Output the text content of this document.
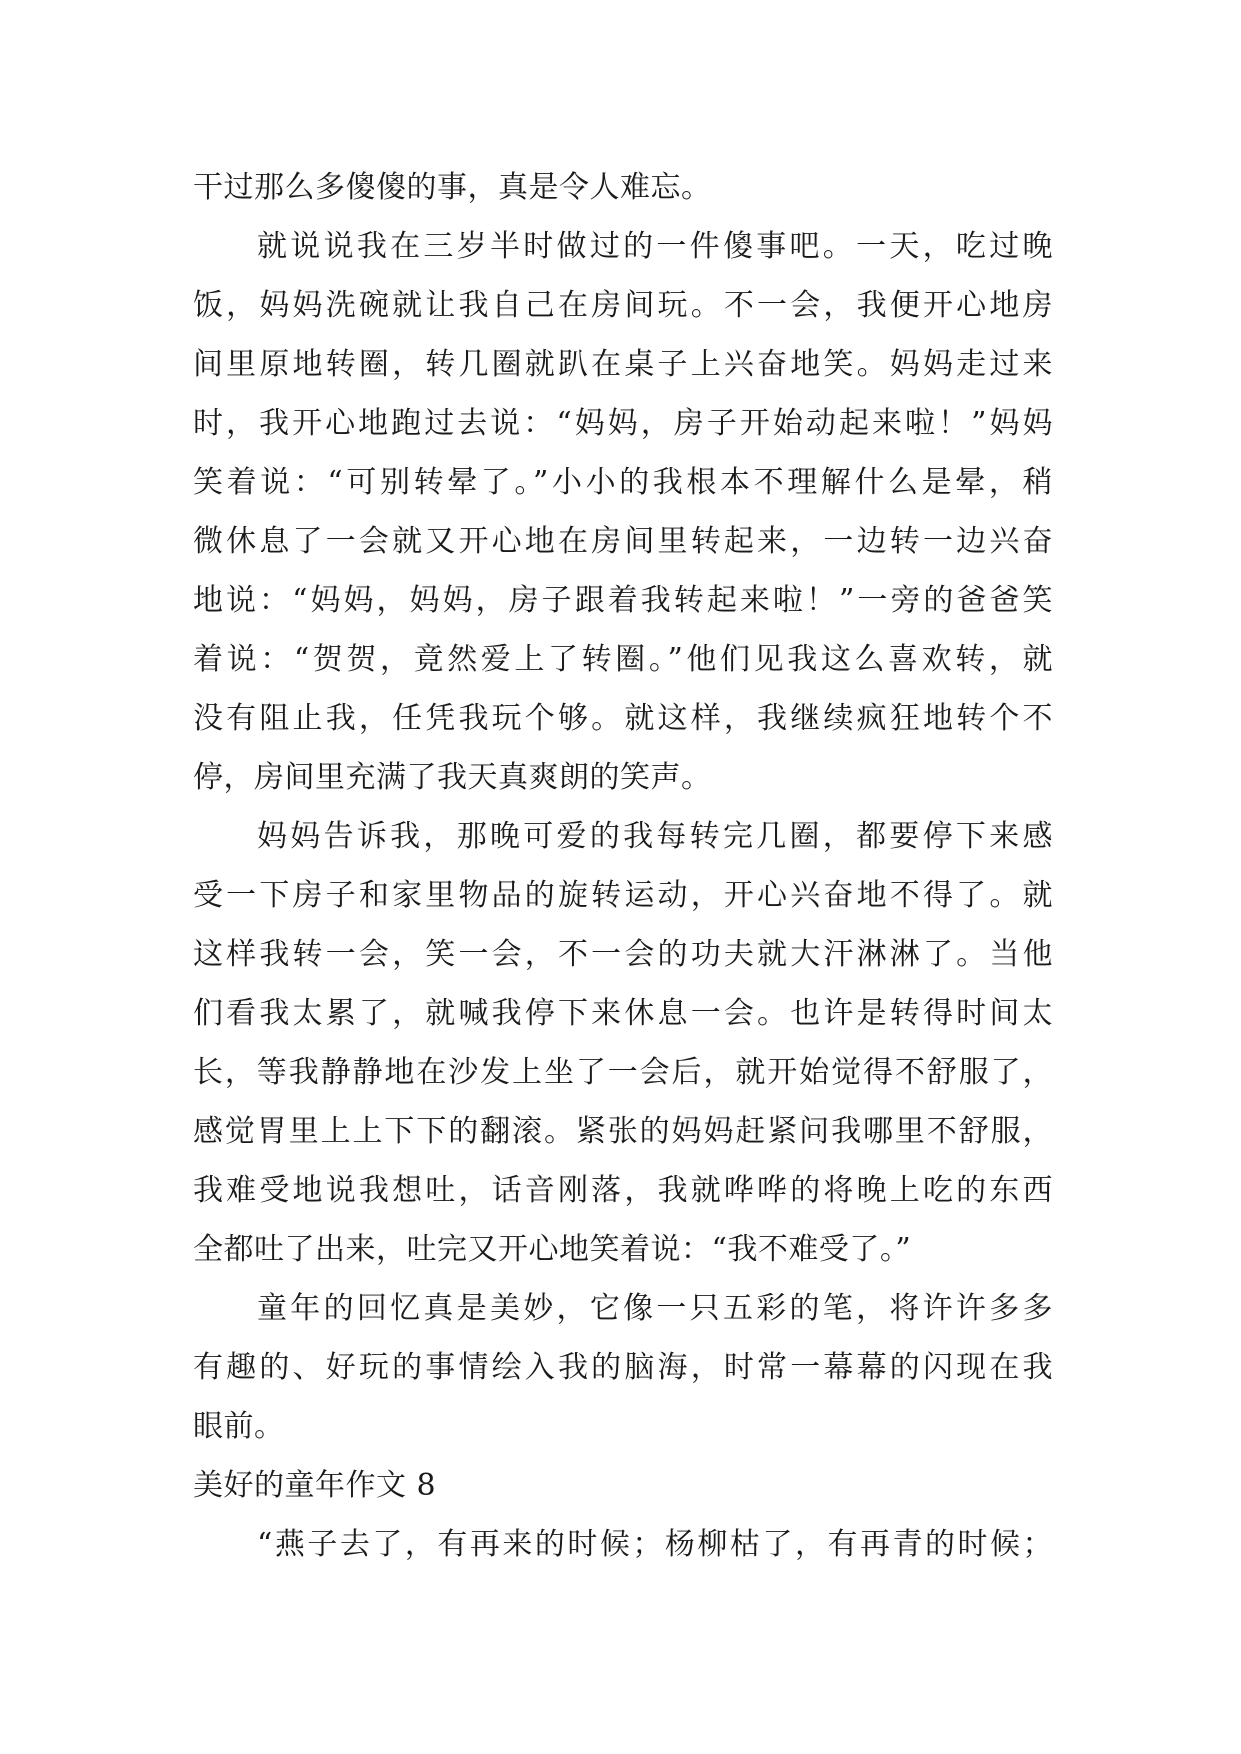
干过那么多傻傻的事，真是令人难忘。
就说说我在三岁半时做过的一件傻事吧。一天，吃过晚
饭，妈妈洗碗就让我自己在房间玩。不一会，我便开心地房
间里原地转圈，转几圈就趴在桌子上兴奋地笑。妈妈走过来
时，我开心地跑过去说：“妈妈，房子开始动起来啦！”妈妈
笑着说：“可别转晕了。”小小的我根本不理解什么是晕，稍
微休息了一会就又开心地在房间里转起来，一边转一边兴奋
地说：“妈妈，妈妈，房子跟着我转起来啦！”一旁的爸爸笑
着说：“贺贺，竟然爱上了转圈。”他们见我这么喜欢转，就
没有阻止我，任凭我玩个够。就这样，我继续疯狂地转个不
停，房间里充满了我天真爽朗的笑声。
妈妈告诉我，那晚可爱的我每转完几圈，都要停下来感
受一下房子和家里物品的旋转运动，开心兴奋地不得了。就
这样我转一会，笑一会，不一会的功夫就大汗淋淋了。当他
们看我太累了，就喊我停下来休息一会。也许是转得时间太
长，等我静静地在沙发上坐了一会后，就开始觉得不舒服了，
感觉胃里上上下下的翻滚。紧张的妈妈赶紧问我哪里不舒服，
我难受地说我想吐，话音刚落，我就哗哗的将晚上吃的东西
全都吐了出来，吐完又开心地笑着说：“我不难受了。”
童年的回忆真是美妙，它像一只五彩的笔，将许许多多
有趣的、好玩的事情绘入我的脑海，时常一幕幕的闪现在我
眼前。
美好的童年作文 8
“燕子去了，有再来的时候；杨柳枯了，有再青的时候；
